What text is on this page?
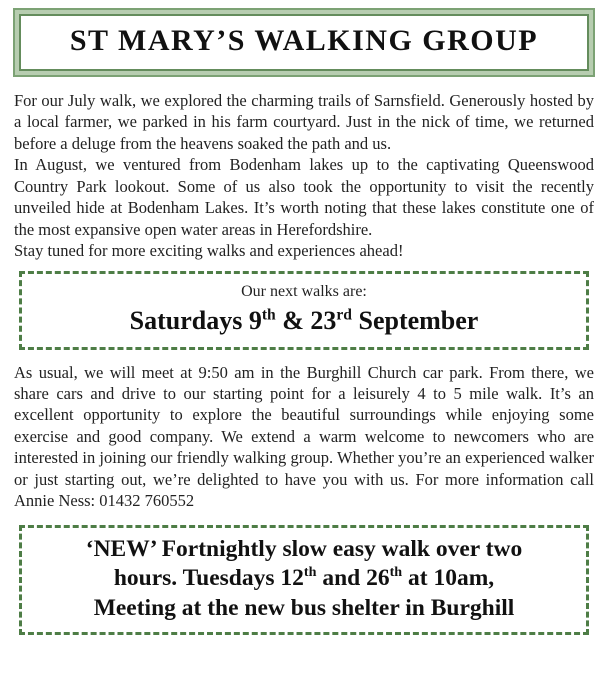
ST MARY’S WALKING GROUP

For our July walk, we explored the charming trails of Sarnsfield. Generously hosted by a local farmer, we parked in his farm courtyard. Just in the nick of time, we returned before a deluge from the heavens soaked the path and us.

In August, we ventured from Bodenham lakes up to the captivating Queenswood Country Park lookout. Some of us also took the opportunity to visit the recently unveiled hide at Bodenham Lakes. It’s worth noting that these lakes constitute one of the most expansive open water areas in Herefordshire.

Stay tuned for more exciting walks and experiences ahead!

Our next walks are:
Saturdays 9th & 23rd September

As usual, we will meet at 9:50 am in the Burghill Church car park. From there, we share cars and drive to our starting point for a leisurely 4 to 5 mile walk. It’s an excellent opportunity to explore the beautiful surroundings while enjoying some exercise and good company. We extend a warm welcome to newcomers who are interested in joining our friendly walking group. Whether you’re an experienced walker or just starting out, we’re delighted to have you with us. For more information call Annie Ness: 01432 760552

‘NEW’ Fortnightly slow easy walk over two
hours. Tuesdays 12th and 26th at 10am,
Meeting at the new bus shelter in Burghill
